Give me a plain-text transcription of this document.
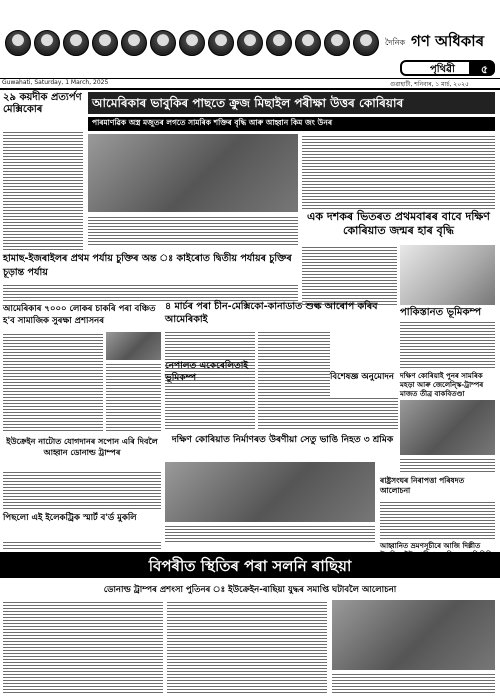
দৈনিক গণ অধিকাৰ
পৃথিৱী ৫
Guwahati, Saturday, 1 March, 2025	গুৱাহাটী, শনিবাৰ, ১ মাৰ্চ, ২০২৫
২৯ কয়দীক প্ৰত্যৰ্পণ মেক্সিকোৰ	আমেৰিকাৰ ভাবুকিৰ পাছতে ক্ৰুজ মিছাইল পৰীক্ষা উত্তৰ কোৰিয়াৰ
পাৰমাণৱিক অস্ত্ৰ মজুতৰ লগতে সামৰিক শক্তিৰ বৃদ্ধি আৰু আহ্বান কিম জং উনৰ
এক দশকৰ ভিতৰত প্ৰথমবাৰৰ বাবে দক্ষিণ কোৰিয়াত জন্মৰ হাৰ বৃদ্ধি
হামাছ-ইজৰাইলৰ প্ৰথম পৰ্যায় চুক্তিৰ অন্ত ঃ কাইৰোত দ্বিতীয় পৰ্যায়ৰ চুক্তিৰ চূড়ান্ত পৰ্যায়
আমেৰিকাৰ ৭০০০ লোকৰ চাকৰি পৰা বঞ্চিত হ'ব সামাজিক সুৰক্ষা প্ৰশাসনৰ
৪ মাৰ্চৰ পৰা চীন-মেক্সিকো-কানাডাত শুল্ক আৰোপ কৰিব আমেৰিকাই
পাকিস্তানত ভূমিকম্প
দক্ষিণ কোৰিয়াই পুনৰ সামৰিক মহড়া আৰু জেলেন্স্কি-ট্ৰাম্পৰ মাজত তীব্ৰ বাকবিতণ্ডা
নেপালত একেৰেলিতাই ভূমিকম্প	বিশেষজ্ঞ অনুমোদন
ইউক্ৰেইন নাটোত যোগদানৰ সপোন এৰি দিবলৈ আহ্বান ডোনাল্ড ট্ৰাম্পৰ
দক্ষিণ কোৰিয়াত নিৰ্মাণৰত উৰণীয়া সেতু ভাঙি নিহত ৩ শ্ৰমিক
ৰাষ্ট্ৰসংঘৰ নিৰাপত্তা পৰিষদত আলোচনা
পিছলো এই ইলেকট্ৰিক স্মাৰ্ট ব'ৰ্ড মুকলি
আহ্বানিত ভ্ৰমণসূচীৰে আজি দিল্লীত
বিপৰীত স্থিতিৰ পৰা সলনি ৰাছিয়া
ডোনাল্ড ট্ৰাম্পৰ প্ৰশংসা পুতিনৰ ঃ ইউক্ৰেইন-ৰাছিয়া যুদ্ধৰ সমাপ্তি ঘটাবলৈ আলোচনা
